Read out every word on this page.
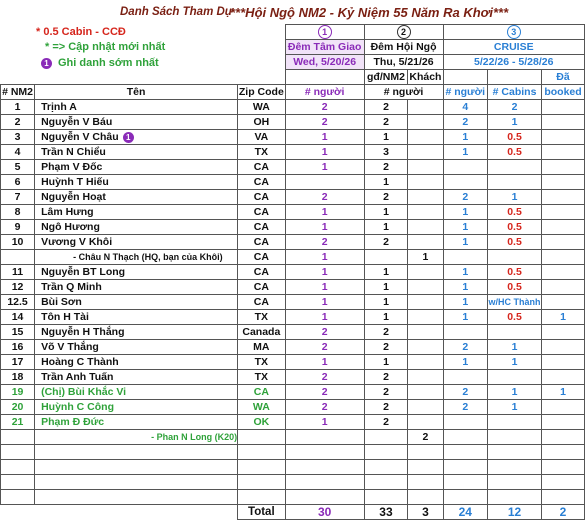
Danh Sách Tham Dự
***Hội Ngộ NM2 - Kỷ Niệm 55 Năm Ra Khơi***
* 0.5 Cabin - CCĐ
* => Cập nhật mới nhất
1 Ghi danh sớm nhất
			1	2		3		
			Đêm Tâm Giao	Đêm Hội Ngộ		CRUISE		
			Wed, 5/20/26	Thu, 5/21/26		5/22/26 - 5/28/26		
				gđ/NM2	Khách			Đã
# NM2	Tên	Zip Code	# người	# người		# người	# Cabins	booked
1	Trịnh A	WA	2	2		4	2	
2	Nguyễn V Báu	OH	2	2		2	1	
3	Nguyễn V Châu 1	VA	1	1		1	0.5	
4	Trần N Chiểu	TX	1	3		1	0.5	
5	Phạm V Đốc	CA	1	2				
6	Huỳnh T Hiếu	CA		1				
7	Nguyễn Hoạt	CA	2	2		2	1	
8	Lâm Hưng	CA	1	1		1	0.5	
9	Ngô Hương	CA	1	1		1	0.5	
10	Vương V Khôi	CA	2	2		1	0.5	
	- Châu N Thạch (HQ, bạn của Khôi)	CA	1		1			
11	Nguyễn BT Long	CA	1	1		1	0.5	
12	Trần Q Minh	CA	1	1		1	0.5	
12.5	Bùi Sơn	CA	1	1		1	w/HC Thành	
14	Tôn H Tài	TX	1	1		1	0.5	1
15	Nguyễn H Thắng	Canada	2	2				
16	Võ V Thắng	MA	2	2		2	1	
17	Hoàng C Thành	TX	1	1		1	1	
18	Trần Anh Tuấn	TX	2	2				
19	(Chị) Bùi Khắc Vi	CA	2	2		2	1	1
20	Huỳnh C Công	WA	2	2		2	1	
21	Phạm Đ Đức	OK	1	2				
	- Phan N Long (K20)				2			

		Total	30	33	3	24	12	2
